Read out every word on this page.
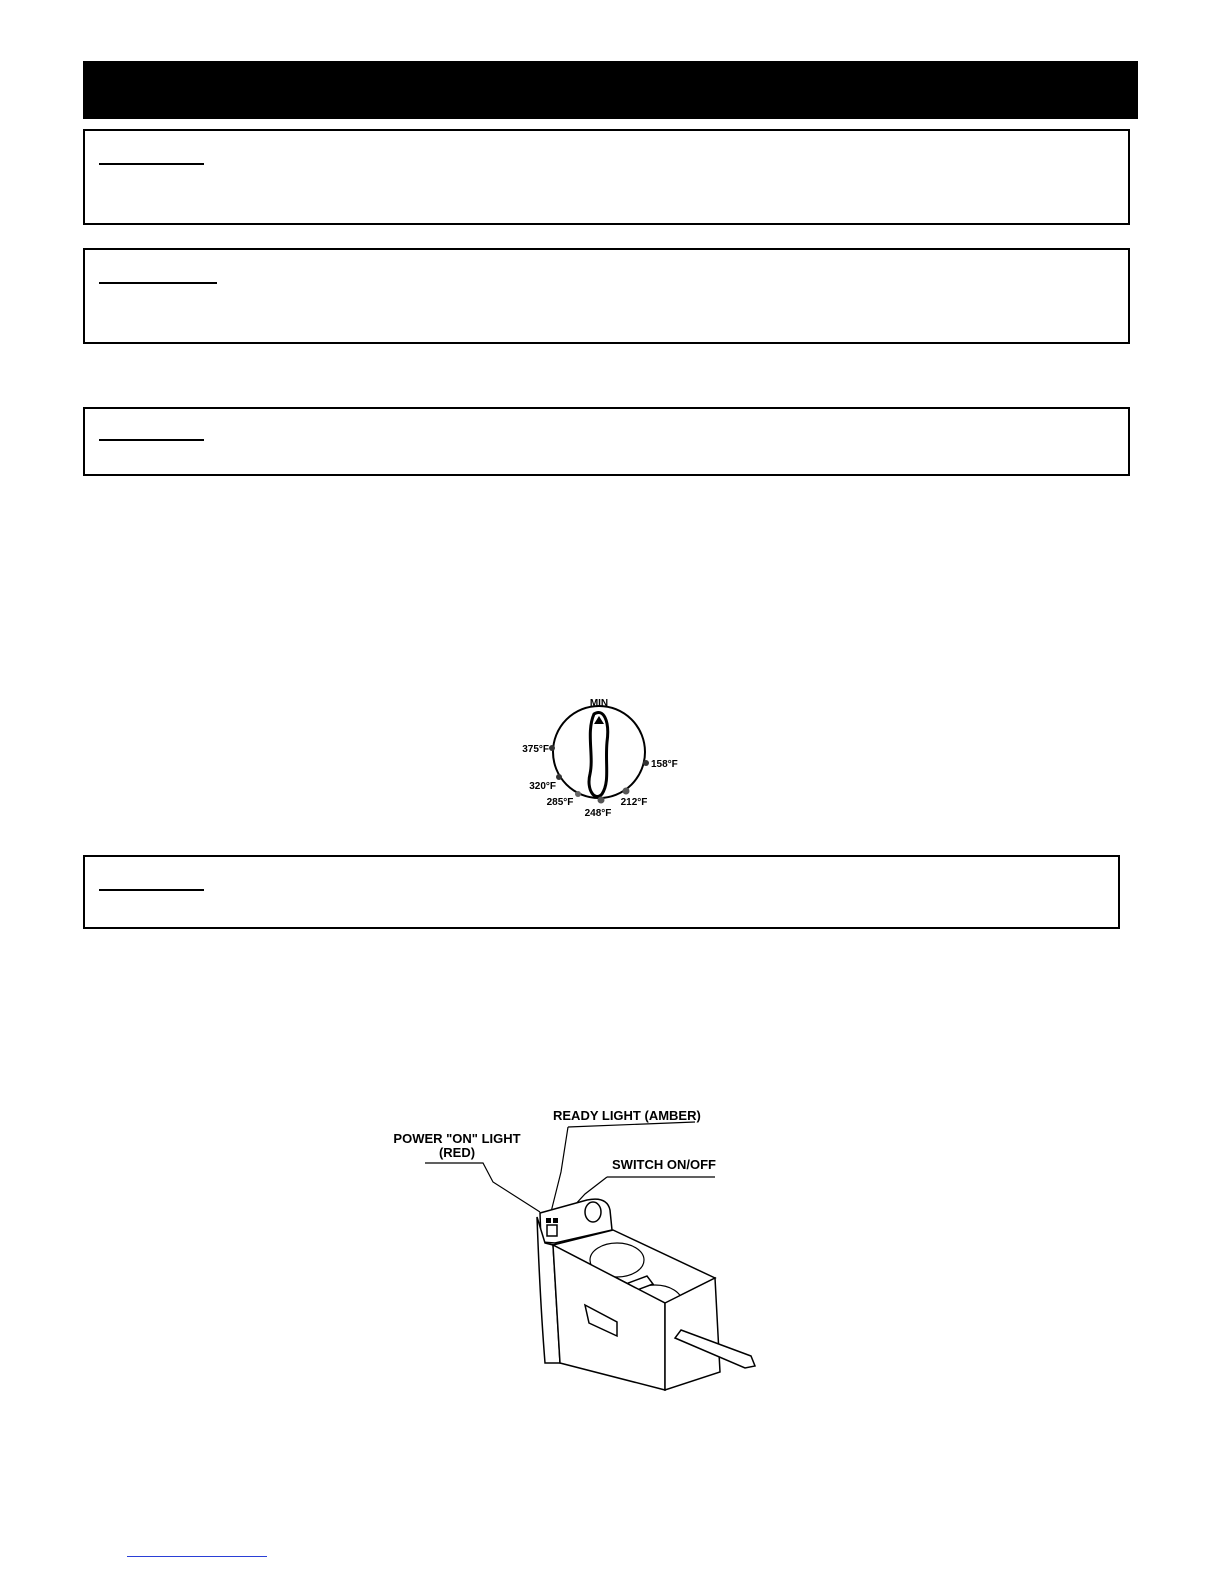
MIN
375°F
320°F
285°F
248°F
212°F
158°F
READY LIGHT (AMBER)
SWITCH ON/OFF
POWER "ON" LIGHT
(RED)
